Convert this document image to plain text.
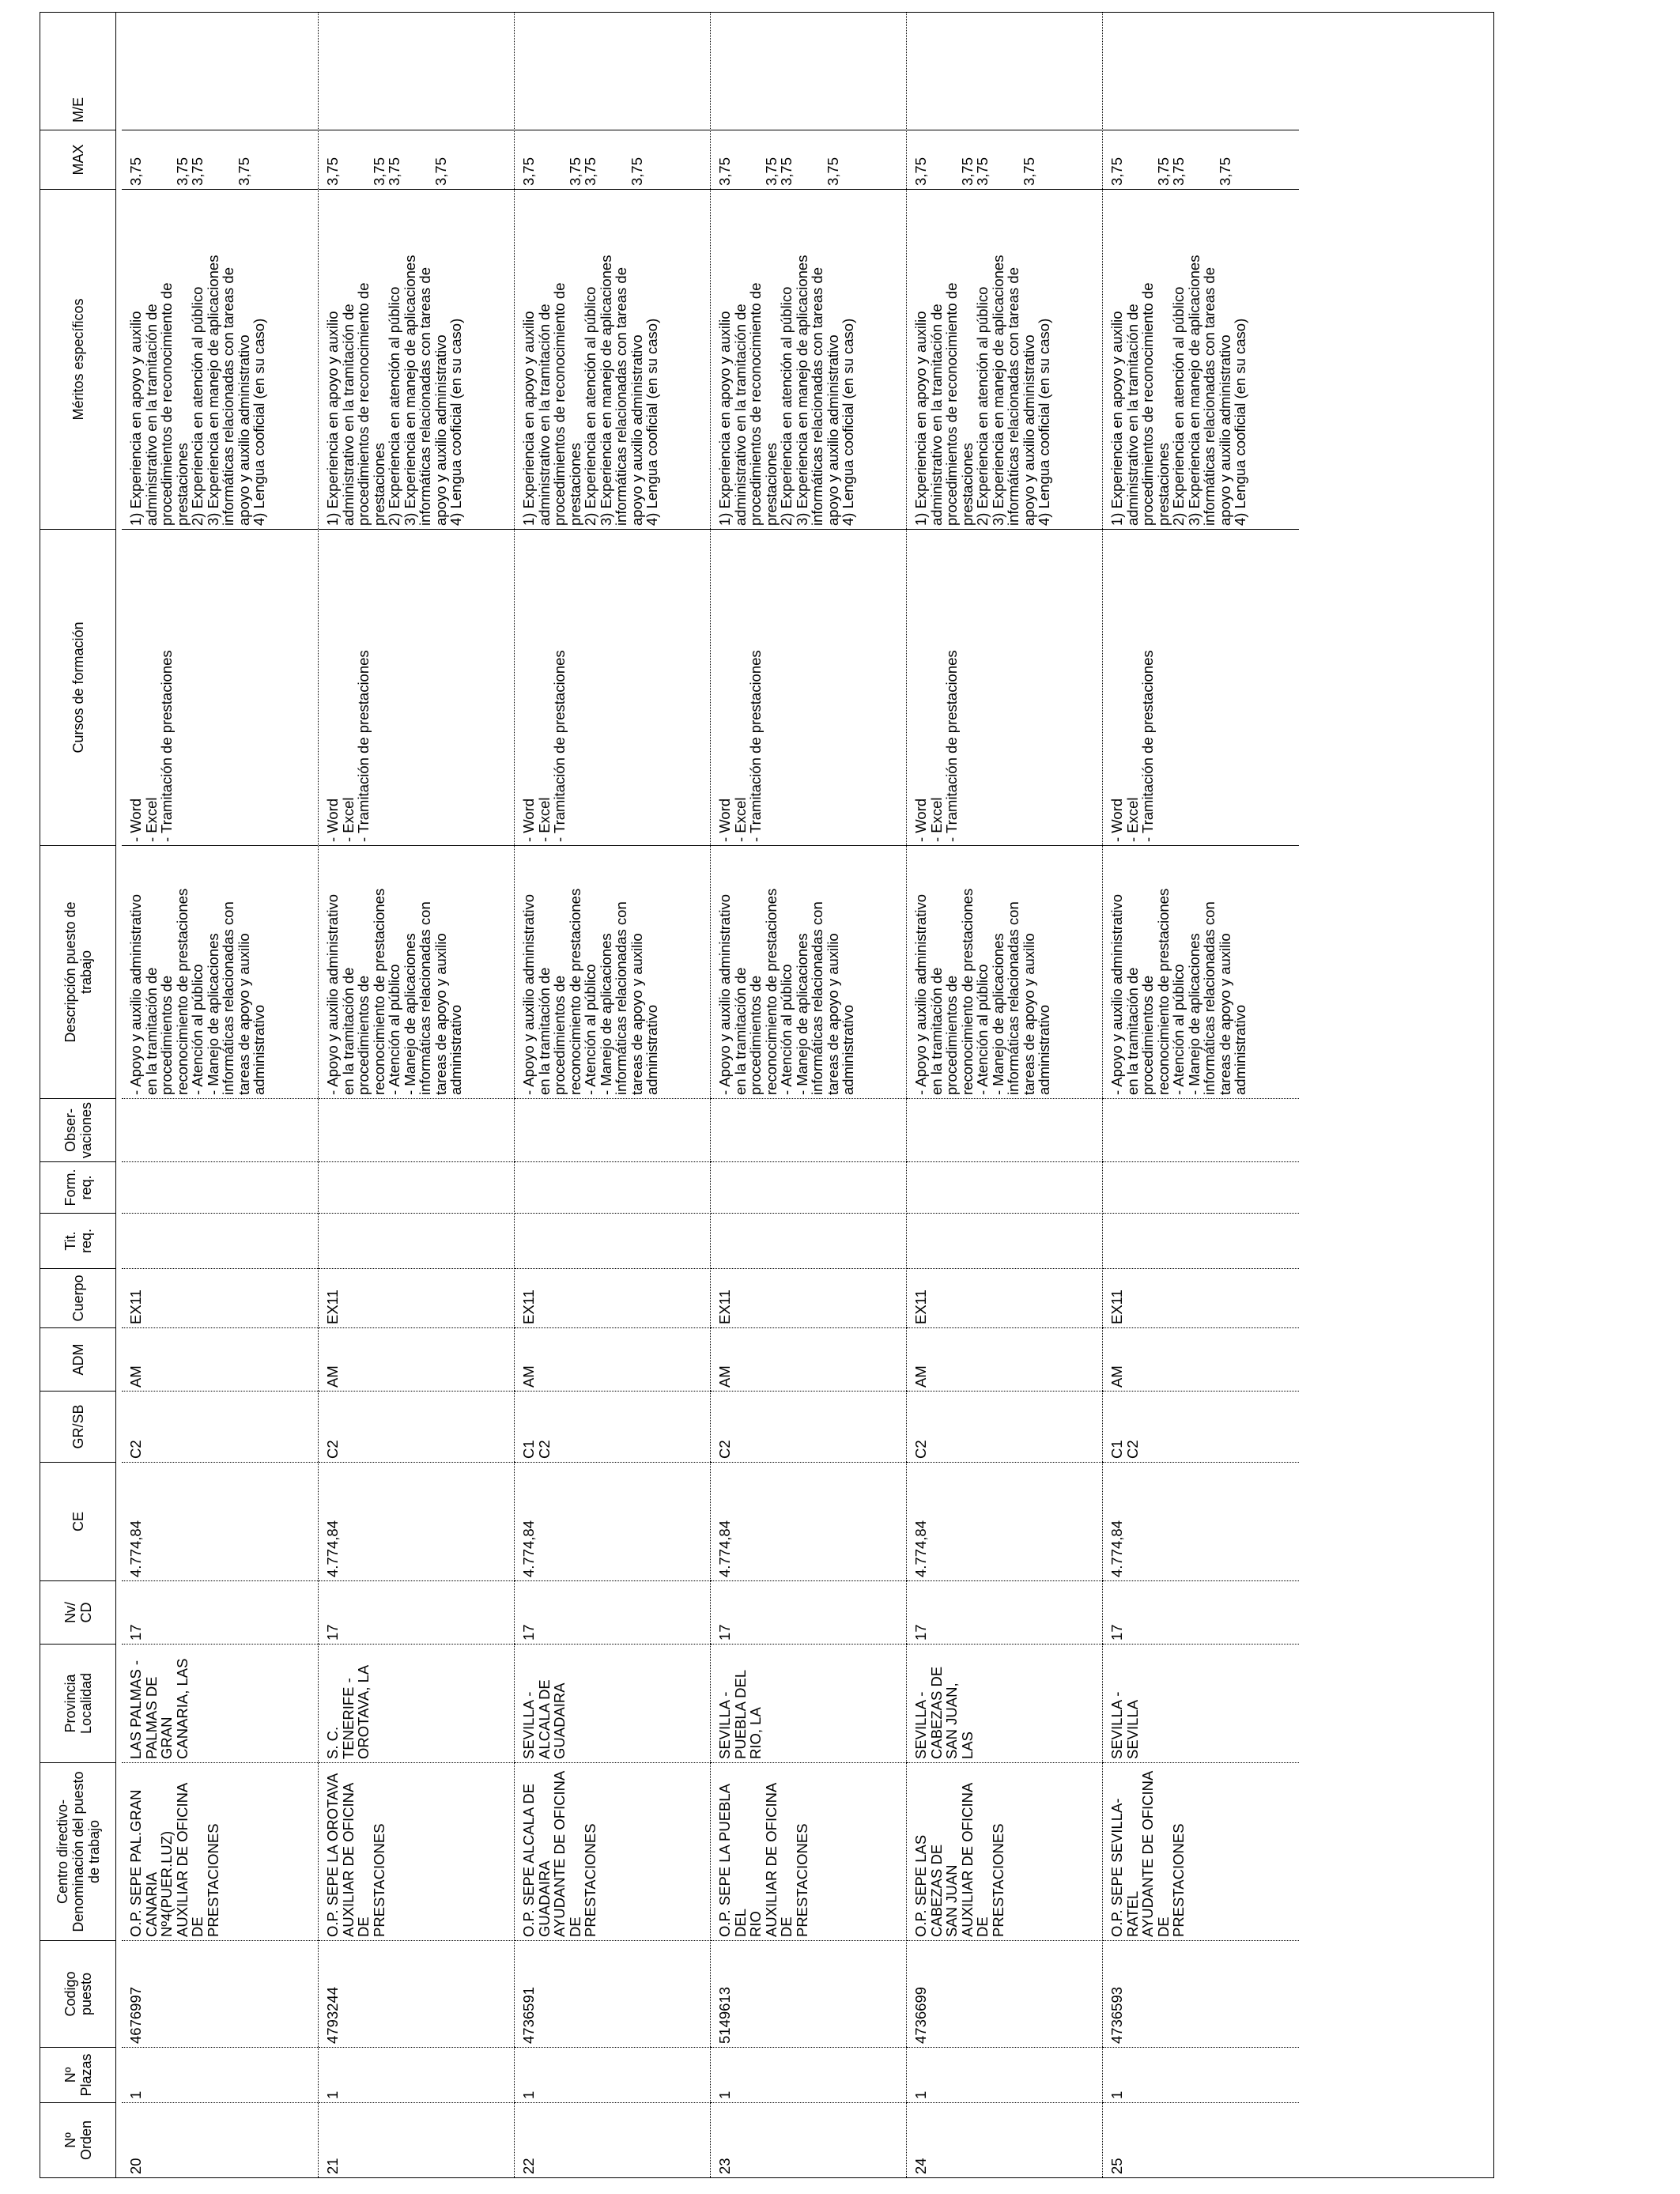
Nº
Orden
Nº
Plazas
Codigo
puesto
Centro directivo-
Denominación del puesto
de trabajo
Provincia
Localidad
Nv/
CD
CE
GR/SB
ADM
Cuerpo
Tit.
req.
Form.
req.
Obser-
vaciones
Descripción puesto de
trabajo
Cursos de formación
Méritos específicos
MAX
M/E
20
1
4676997
O.P. SEPE PAL.GRAN
CANARIA Nº4(PUER.LUZ)
AUXILIAR DE OFICINA DE
PRESTACIONES
LAS PALMAS -
PALMAS DE
GRAN
CANARIA, LAS
17
4.774,84
C2
AM
EX11
- Apoyo y auxilio administrativo
en la tramitación de
procedimientos de
reconocimiento de prestaciones
- Atención al público
- Manejo de aplicaciones
informáticas relacionadas con
tareas de apoyo y auxilio
administrativo
- Word
- Excel
- Tramitación de prestaciones
1) Experiencia en apoyo y auxilio
administrativo en la tramitación de
procedimientos de reconocimiento de
prestaciones
2) Experiencia en atención al público
3) Experiencia en manejo de aplicaciones
informáticas relacionadas con tareas de
apoyo y auxilio administrativo
4) Lengua cooficial (en su caso)
3,75

3,75
3,75

3,75
21
1
4793244
O.P. SEPE LA OROTAVA
AUXILIAR DE OFICINA DE
PRESTACIONES
S. C.
TENERIFE -
OROTAVA, LA
17
4.774,84
C2
AM
EX11
- Apoyo y auxilio administrativo
en la tramitación de
procedimientos de
reconocimiento de prestaciones
- Atención al público
- Manejo de aplicaciones
informáticas relacionadas con
tareas de apoyo y auxilio
administrativo
- Word
- Excel
- Tramitación de prestaciones
1) Experiencia en apoyo y auxilio
administrativo en la tramitación de
procedimientos de reconocimiento de
prestaciones
2) Experiencia en atención al público
3) Experiencia en manejo de aplicaciones
informáticas relacionadas con tareas de
apoyo y auxilio administrativo
4) Lengua cooficial (en su caso)
3,75

3,75
3,75

3,75
22
1
4736591
O.P. SEPE ALCALA DE
GUADAIRA
AYUDANTE DE OFICINA DE
PRESTACIONES
SEVILLA -
ALCALA DE
GUADAIRA
17
4.774,84
C1
C2
AM
EX11
- Apoyo y auxilio administrativo
en la tramitación de
procedimientos de
reconocimiento de prestaciones
- Atención al público
- Manejo de aplicaciones
informáticas relacionadas con
tareas de apoyo y auxilio
administrativo
- Word
- Excel
- Tramitación de prestaciones
1) Experiencia en apoyo y auxilio
administrativo en la tramitación de
procedimientos de reconocimiento de
prestaciones
2) Experiencia en atención al público
3) Experiencia en manejo de aplicaciones
informáticas relacionadas con tareas de
apoyo y auxilio administrativo
4) Lengua cooficial (en su caso)
3,75

3,75
3,75

3,75
23
1
5149613
O.P. SEPE LA PUEBLA DEL
RIO
AUXILIAR DE OFICINA DE
PRESTACIONES
SEVILLA -
PUEBLA DEL
RIO, LA
17
4.774,84
C2
AM
EX11
- Apoyo y auxilio administrativo
en la tramitación de
procedimientos de
reconocimiento de prestaciones
- Atención al público
- Manejo de aplicaciones
informáticas relacionadas con
tareas de apoyo y auxilio
administrativo
- Word
- Excel
- Tramitación de prestaciones
1) Experiencia en apoyo y auxilio
administrativo en la tramitación de
procedimientos de reconocimiento de
prestaciones
2) Experiencia en atención al público
3) Experiencia en manejo de aplicaciones
informáticas relacionadas con tareas de
apoyo y auxilio administrativo
4) Lengua cooficial (en su caso)
3,75

3,75
3,75

3,75
24
1
4736699
O.P. SEPE LAS CABEZAS DE
SAN JUAN
AUXILIAR DE OFICINA DE
PRESTACIONES
SEVILLA -
CABEZAS DE
SAN JUAN,
LAS
17
4.774,84
C2
AM
EX11
- Apoyo y auxilio administrativo
en la tramitación de
procedimientos de
reconocimiento de prestaciones
- Atención al público
- Manejo de aplicaciones
informáticas relacionadas con
tareas de apoyo y auxilio
administrativo
- Word
- Excel
- Tramitación de prestaciones
1) Experiencia en apoyo y auxilio
administrativo en la tramitación de
procedimientos de reconocimiento de
prestaciones
2) Experiencia en atención al público
3) Experiencia en manejo de aplicaciones
informáticas relacionadas con tareas de
apoyo y auxilio administrativo
4) Lengua cooficial (en su caso)
3,75

3,75
3,75

3,75
25
1
4736593
O.P. SEPE SEVILLA-RATEL
AYUDANTE DE OFICINA DE
PRESTACIONES
SEVILLA -
SEVILLA
17
4.774,84
C1
C2
AM
EX11
- Apoyo y auxilio administrativo
en la tramitación de
procedimientos de
reconocimiento de prestaciones
- Atención al público
- Manejo de aplicaciones
informáticas relacionadas con
tareas de apoyo y auxilio
administrativo
- Word
- Excel
- Tramitación de prestaciones
1) Experiencia en apoyo y auxilio
administrativo en la tramitación de
procedimientos de reconocimiento de
prestaciones
2) Experiencia en atención al público
3) Experiencia en manejo de aplicaciones
informáticas relacionadas con tareas de
apoyo y auxilio administrativo
4) Lengua cooficial (en su caso)
3,75

3,75
3,75

3,75
